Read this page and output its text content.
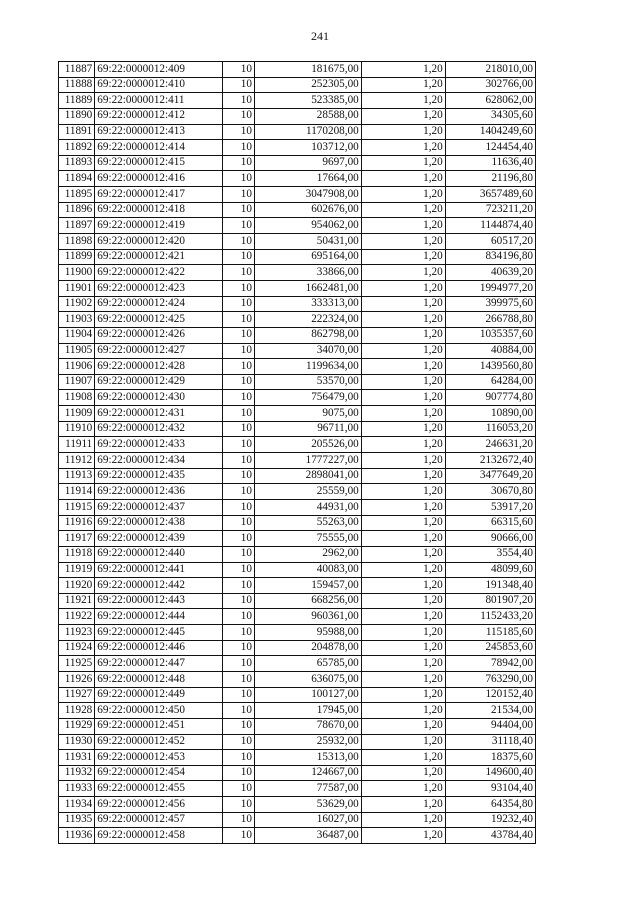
241
11887	69:22:0000012:409	10	181675,00	1,20	218010,00
11888	69:22:0000012:410	10	252305,00	1,20	302766,00
11889	69:22:0000012:411	10	523385,00	1,20	628062,00
11890	69:22:0000012:412	10	28588,00	1,20	34305,60
11891	69:22:0000012:413	10	1170208,00	1,20	1404249,60
11892	69:22:0000012:414	10	103712,00	1,20	124454,40
11893	69:22:0000012:415	10	9697,00	1,20	11636,40
11894	69:22:0000012:416	10	17664,00	1,20	21196,80
11895	69:22:0000012:417	10	3047908,00	1,20	3657489,60
11896	69:22:0000012:418	10	602676,00	1,20	723211,20
11897	69:22:0000012:419	10	954062,00	1,20	1144874,40
11898	69:22:0000012:420	10	50431,00	1,20	60517,20
11899	69:22:0000012:421	10	695164,00	1,20	834196,80
11900	69:22:0000012:422	10	33866,00	1,20	40639,20
11901	69:22:0000012:423	10	1662481,00	1,20	1994977,20
11902	69:22:0000012:424	10	333313,00	1,20	399975,60
11903	69:22:0000012:425	10	222324,00	1,20	266788,80
11904	69:22:0000012:426	10	862798,00	1,20	1035357,60
11905	69:22:0000012:427	10	34070,00	1,20	40884,00
11906	69:22:0000012:428	10	1199634,00	1,20	1439560,80
11907	69:22:0000012:429	10	53570,00	1,20	64284,00
11908	69:22:0000012:430	10	756479,00	1,20	907774,80
11909	69:22:0000012:431	10	9075,00	1,20	10890,00
11910	69:22:0000012:432	10	96711,00	1,20	116053,20
11911	69:22:0000012:433	10	205526,00	1,20	246631,20
11912	69:22:0000012:434	10	1777227,00	1,20	2132672,40
11913	69:22:0000012:435	10	2898041,00	1,20	3477649,20
11914	69:22:0000012:436	10	25559,00	1,20	30670,80
11915	69:22:0000012:437	10	44931,00	1,20	53917,20
11916	69:22:0000012:438	10	55263,00	1,20	66315,60
11917	69:22:0000012:439	10	75555,00	1,20	90666,00
11918	69:22:0000012:440	10	2962,00	1,20	3554,40
11919	69:22:0000012:441	10	40083,00	1,20	48099,60
11920	69:22:0000012:442	10	159457,00	1,20	191348,40
11921	69:22:0000012:443	10	668256,00	1,20	801907,20
11922	69:22:0000012:444	10	960361,00	1,20	1152433,20
11923	69:22:0000012:445	10	95988,00	1,20	115185,60
11924	69:22:0000012:446	10	204878,00	1,20	245853,60
11925	69:22:0000012:447	10	65785,00	1,20	78942,00
11926	69:22:0000012:448	10	636075,00	1,20	763290,00
11927	69:22:0000012:449	10	100127,00	1,20	120152,40
11928	69:22:0000012:450	10	17945,00	1,20	21534,00
11929	69:22:0000012:451	10	78670,00	1,20	94404,00
11930	69:22:0000012:452	10	25932,00	1,20	31118,40
11931	69:22:0000012:453	10	15313,00	1,20	18375,60
11932	69:22:0000012:454	10	124667,00	1,20	149600,40
11933	69:22:0000012:455	10	77587,00	1,20	93104,40
11934	69:22:0000012:456	10	53629,00	1,20	64354,80
11935	69:22:0000012:457	10	16027,00	1,20	19232,40
11936	69:22:0000012:458	10	36487,00	1,20	43784,40
